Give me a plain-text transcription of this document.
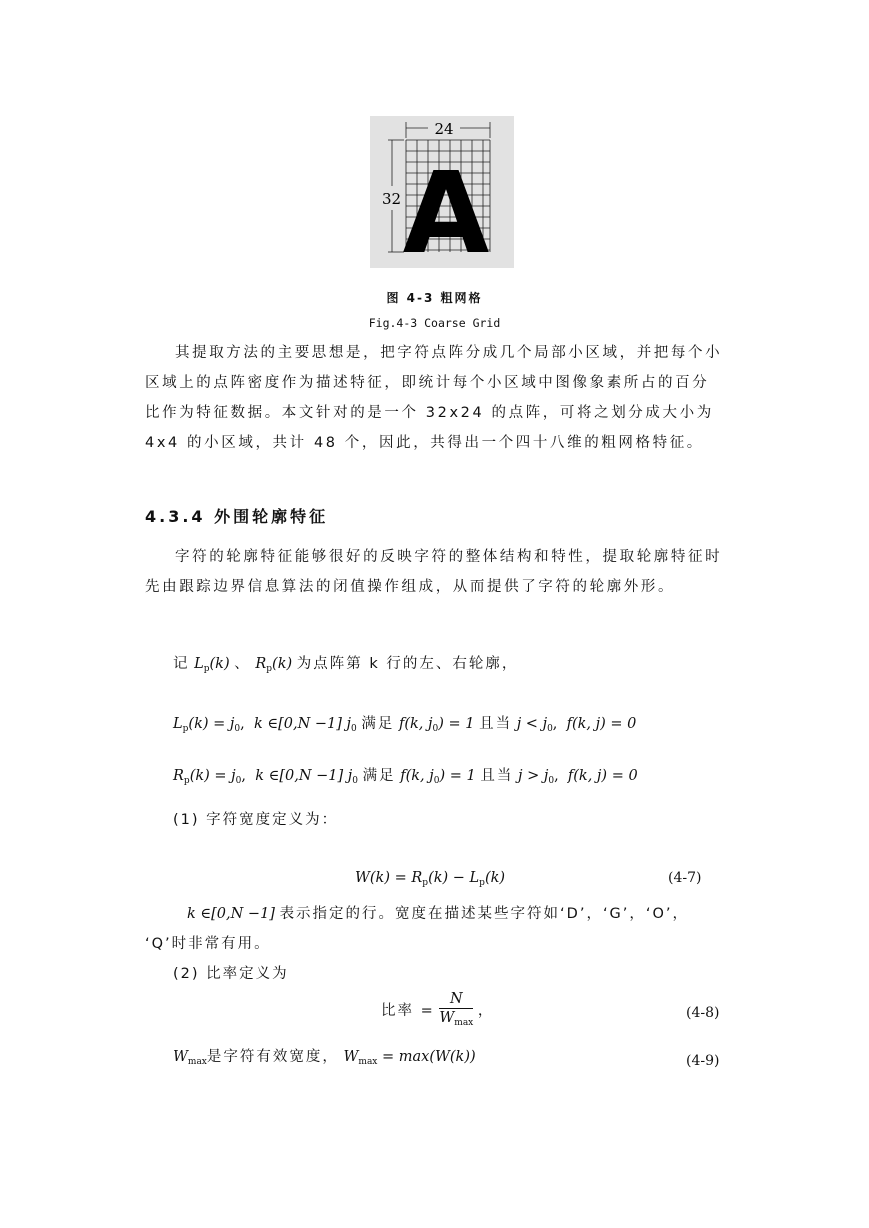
24
32 A
图 4-3 粗网格
Fig.4-3 Coarse Grid

其提取方法的主要思想是，把字符点阵分成几个局部小区域，并把每个小区域上的点阵密度作为描述特征，即统计每个小区域中图像象素所占的百分比作为特征数据。本文针对的是一个 32x24 的点阵，可将之划分成大小为 4x4 的小区域，共计 48 个，因此，共得出一个四十八维的粗网格特征。

4.3.4 外围轮廓特征

字符的轮廓特征能够很好的反映字符的整体结构和特性，提取轮廓特征时先由跟踪边界信息算法的闭值操作组成，从而提供了字符的轮廓外形。

记 $L_p(k)$ 、 $R_p(k)$ 为点阵第 k 行的左、右轮廓，
$L_p(k) = j_0$,  k ∈[0,N −1] $j_0$ 满足 f(k, $j_0) = 1$ 且当 $j < j_0$,  f(k, j) = 0
$R_p(k) = j_0$,  k ∈[0,N −1] $j_0$ 满足 f(k, $j_0) = 1$ 且当 $j > j_0$,  f(k, j) = 0
(1) 字符宽度定义为：
$W(k) = R_p(k) - L_p(k)$	(4-7)
k ∈[0,N −1] 表示指定的行。宽度在描述某些字符如‘D’，‘G’，‘O’，
‘Q’时非常有用。
(2) 比率定义为
比率 = $\frac{N}{W_{max}}$ ，	(4-8)
$W_{max}$是字符有效宽度， $W_{max} = \max(W(k))$	(4-9)
